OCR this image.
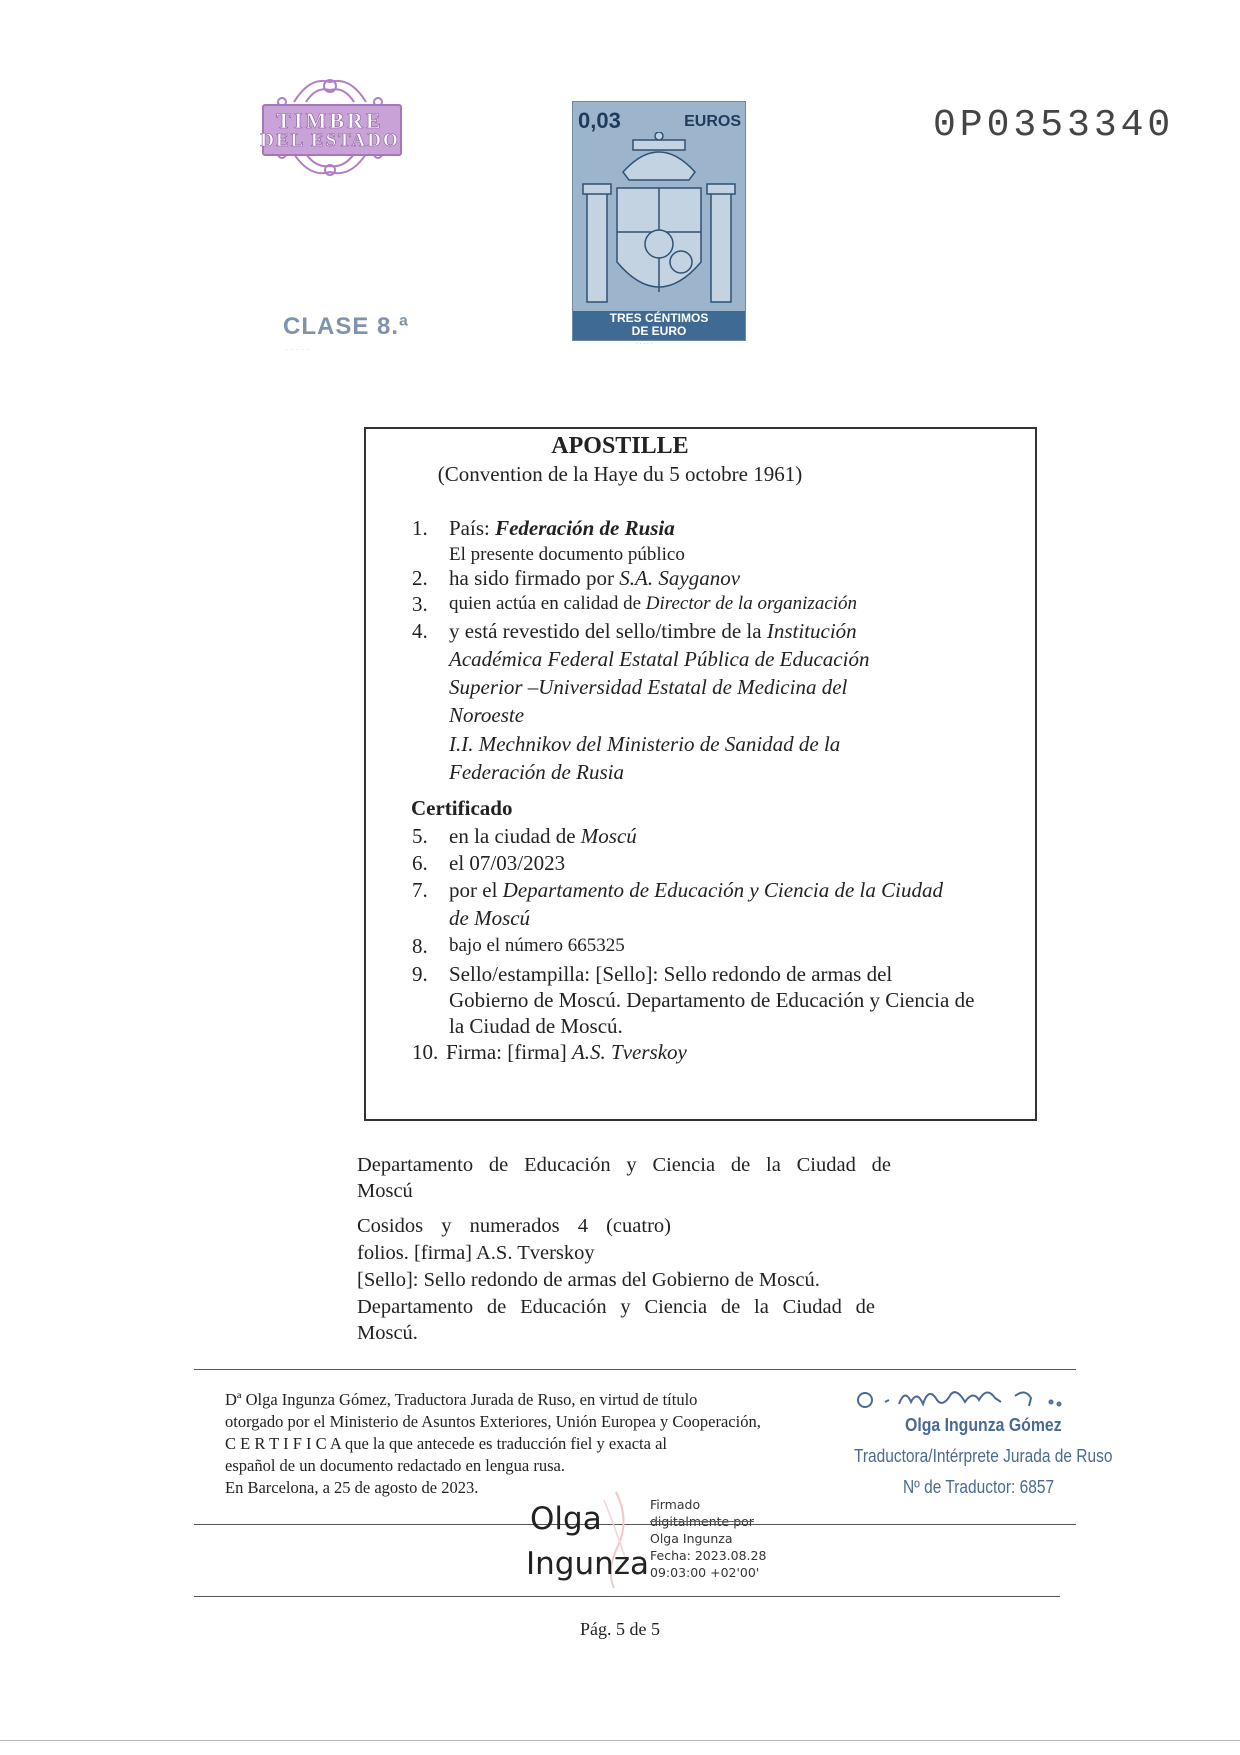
TIMBRE
DEL ESTADO
CLASE 8.ª
·····
0,03	EUROS
TRES CÉNTIMOS
DE EURO
· · · · ·
0P0353340
APOSTILLE
(Convention de la Haye du 5 octobre 1961)
1. País: Federación de Rusia
El presente documento público
2. ha sido firmado por S.A. Sayganov
3. quien actúa en calidad de Director de la organización
4. y está revestido del sello/timbre de la Institución
Académica Federal Estatal Pública de Educación
Superior –Universidad Estatal de Medicina del
Noroeste
I.I. Mechnikov del Ministerio de Sanidad de la
Federación de Rusia
Certificado
5. en la ciudad de Moscú
6. el 07/03/2023
7. por el Departamento de Educación y Ciencia de la Ciudad
de Moscú
8. bajo el número 665325
9. Sello/estampilla: [Sello]: Sello redondo de armas del
Gobierno de Moscú. Departamento de Educación y Ciencia de
la Ciudad de Moscú.
10. Firma: [firma] A.S. Tverskoy
Departamento de Educación y Ciencia de la Ciudad de
Moscú
Cosidos y numerados 4 (cuatro)
folios. [firma] A.S. Tverskoy
[Sello]: Sello redondo de armas del Gobierno de Moscú.
Departamento de Educación y Ciencia de la Ciudad de
Moscú.
Dª Olga Ingunza Gómez, Traductora Jurada de Ruso, en virtud de título
otorgado por el Ministerio de Asuntos Exteriores, Unión Europea y Cooperación,
C E R T I F I C A que la que antecede es traducción fiel y exacta al
español de un documento redactado en lengua rusa.
En Barcelona, a 25 de agosto de 2023.
Olga Ingunza Gómez
Traductora/Intérprete Jurada de Ruso
Nº de Traductor: 6857
Olga
Ingunza
Firmado
digitalmente por
Olga Ingunza
Fecha: 2023.08.28
09:03:00 +02'00'
Pág. 5 de 5
